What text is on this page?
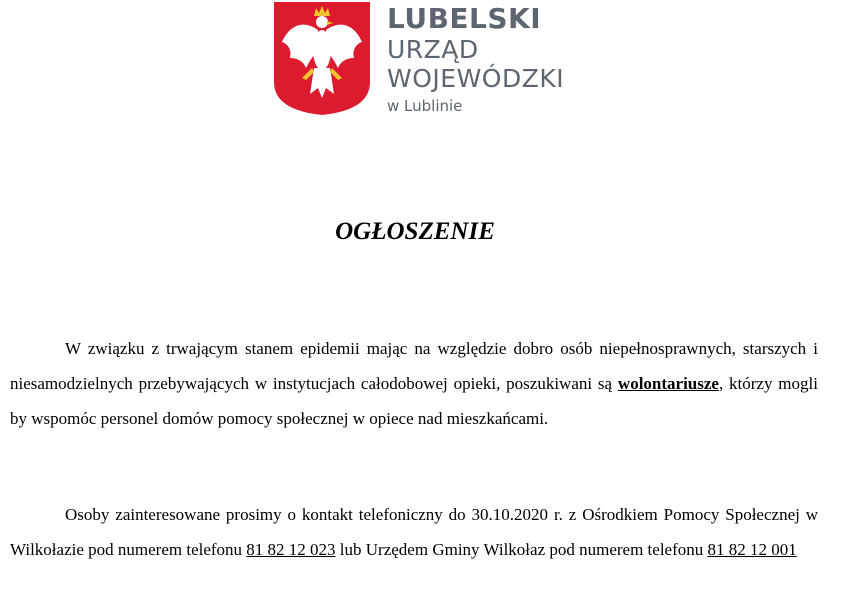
LUBELSKI
URZĄD
WOJEWÓDZKI
w Lublinie
OGŁOSZENIE
W związku z trwającym stanem epidemii mając na względzie dobro osób niepełnosprawnych, starszych i niesamodzielnych przebywających w instytucjach całodobowej opieki, poszukiwani są wolontariusze, którzy mogli by wspomóc personel domów pomocy społecznej w opiece nad mieszkańcami.
Osoby zainteresowane prosimy o kontakt telefoniczny do 30.10.2020 r. z Ośrodkiem Pomocy Społecznej w Wilkołazie pod numerem telefonu 81 82 12 023 lub Urzędem Gminy Wilkołaz pod numerem telefonu 81 82 12 001
